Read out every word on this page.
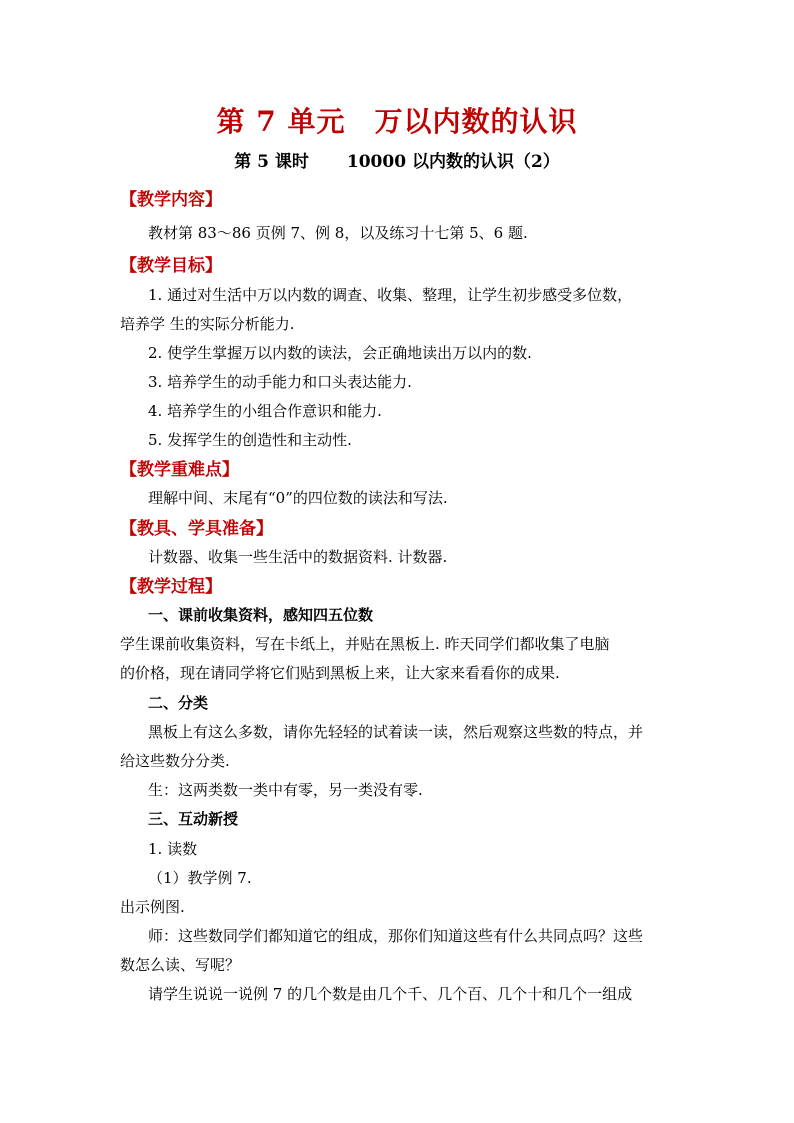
第 7 单元　万以内数的认识
第 5 课时 10000 以内数的认识（2）
【教学内容】
教材第 83～86 页例 7、例 8，以及练习十七第 5、6 题.
【教学目标】
1. 通过对生活中万以内数的调查、收集、整理，让学生初步感受多位数，
培养学 生的实际分析能力.
2. 使学生掌握万以内数的读法，会正确地读出万以内的数.
3. 培养学生的动手能力和口头表达能力.
4. 培养学生的小组合作意识和能力.
5. 发挥学生的创造性和主动性.
【教学重难点】
理解中间、末尾有“0”的四位数的读法和写法.
【教具、学具准备】
计数器、收集一些生活中的数据资料. 计数器.
【教学过程】
一、课前收集资料，感知四五位数
学生课前收集资料，写在卡纸上，并贴在黑板上. 昨天同学们都收集了电脑
的价格，现在请同学将它们贴到黑板上来，让大家来看看你的成果.
二、分类
黑板上有这么多数，请你先轻轻的试着读一读，然后观察这些数的特点，并
给这些数分分类.
生：这两类数一类中有零，另一类没有零.
三、互动新授
1. 读数
（1）教学例 7.
出示例图.
师：这些数同学们都知道它的组成，那你们知道这些有什么共同点吗？这些
数怎么读、写呢？
请学生说说一说例 7 的几个数是由几个千、几个百、几个十和几个一组成
